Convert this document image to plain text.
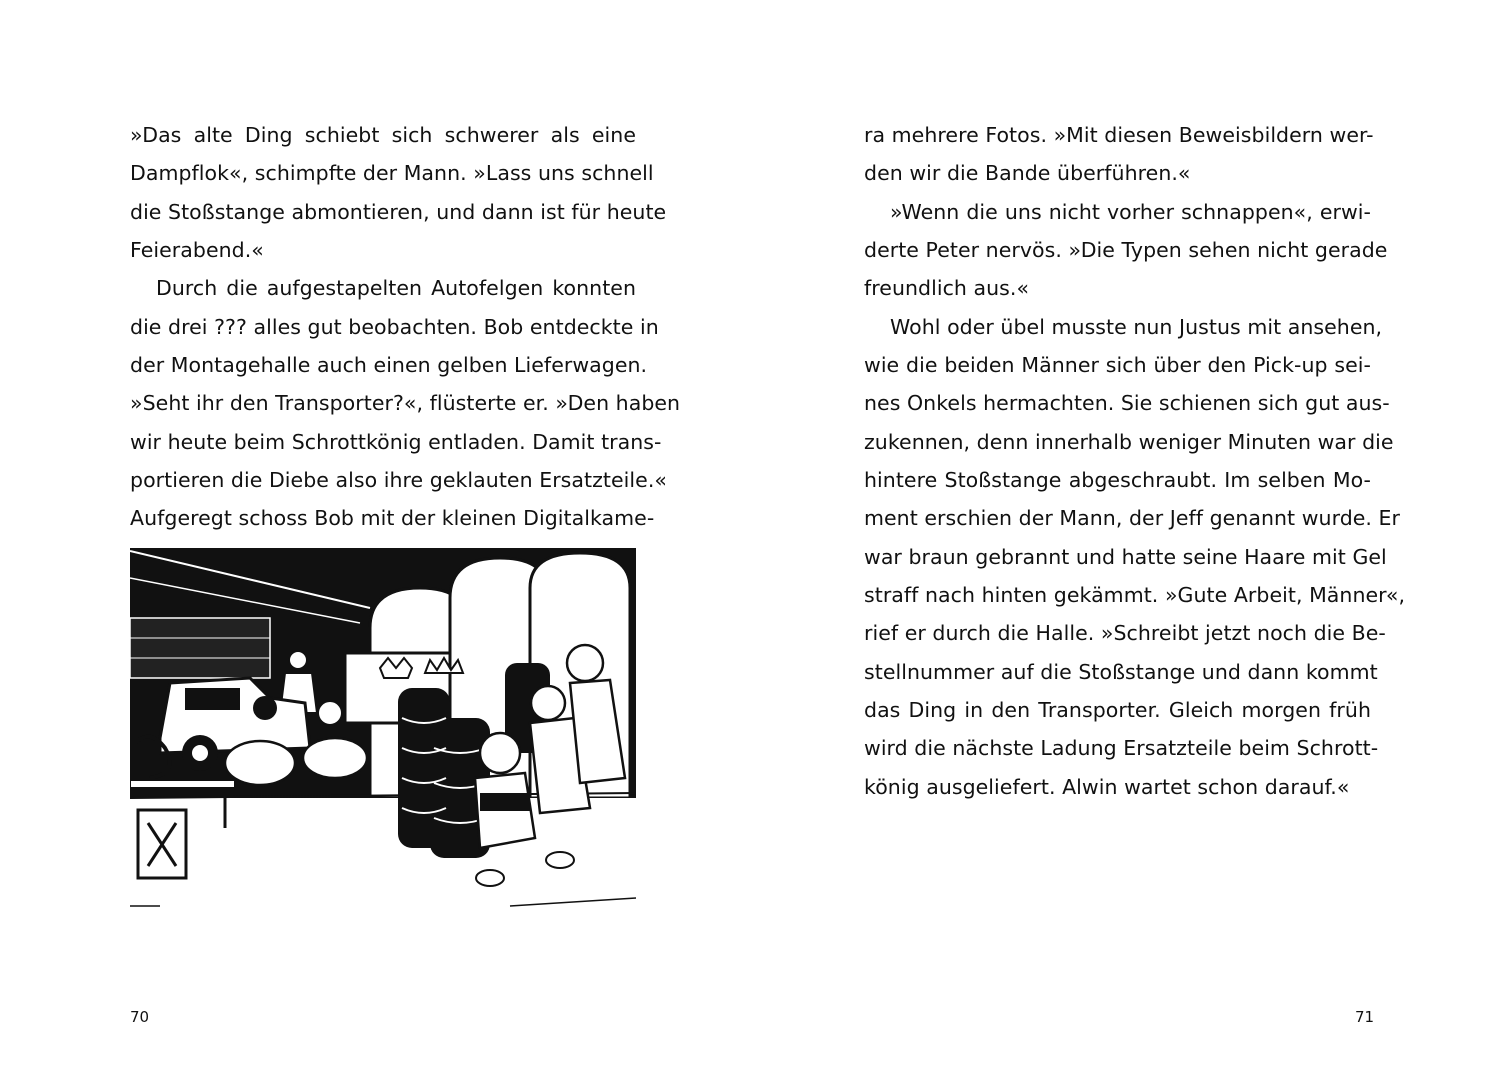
»Das alte Ding schiebt sich schwerer als eine
Dampflok«, schimpfte der Mann. »Lass uns schnell
die Stoßstange abmontieren, und dann ist für heute
Feierabend.«
Durch die aufgestapelten Autofelgen konnten
die drei ??? alles gut beobachten. Bob entdeckte in
der Montagehalle auch einen gelben Lieferwagen.
»Seht ihr den Transporter?«, flüsterte er. »Den haben
wir heute beim Schrottkönig entladen. Damit trans-
portieren die Diebe also ihre geklauten Ersatzteile.«
Aufgeregt schoss Bob mit der kleinen Digitalkame-
70
ra mehrere Fotos. »Mit diesen Beweisbildern wer-
den wir die Bande überführen.«
»Wenn die uns nicht vorher schnappen«, erwi-
derte Peter nervös. »Die Typen sehen nicht gerade
freundlich aus.«
Wohl oder übel musste nun Justus mit ansehen,
wie die beiden Männer sich über den Pick-up sei-
nes Onkels hermachten. Sie schienen sich gut aus-
zukennen, denn innerhalb weniger Minuten war die
hintere Stoßstange abgeschraubt. Im selben Mo-
ment erschien der Mann, der Jeff genannt wurde. Er
war braun gebrannt und hatte seine Haare mit Gel
straff nach hinten gekämmt. »Gute Arbeit, Männer«,
rief er durch die Halle. »Schreibt jetzt noch die Be-
stellnummer auf die Stoßstange und dann kommt
das Ding in den Transporter. Gleich morgen früh
wird die nächste Ladung Ersatzteile beim Schrott-
könig ausgeliefert. Alwin wartet schon darauf.«
71
